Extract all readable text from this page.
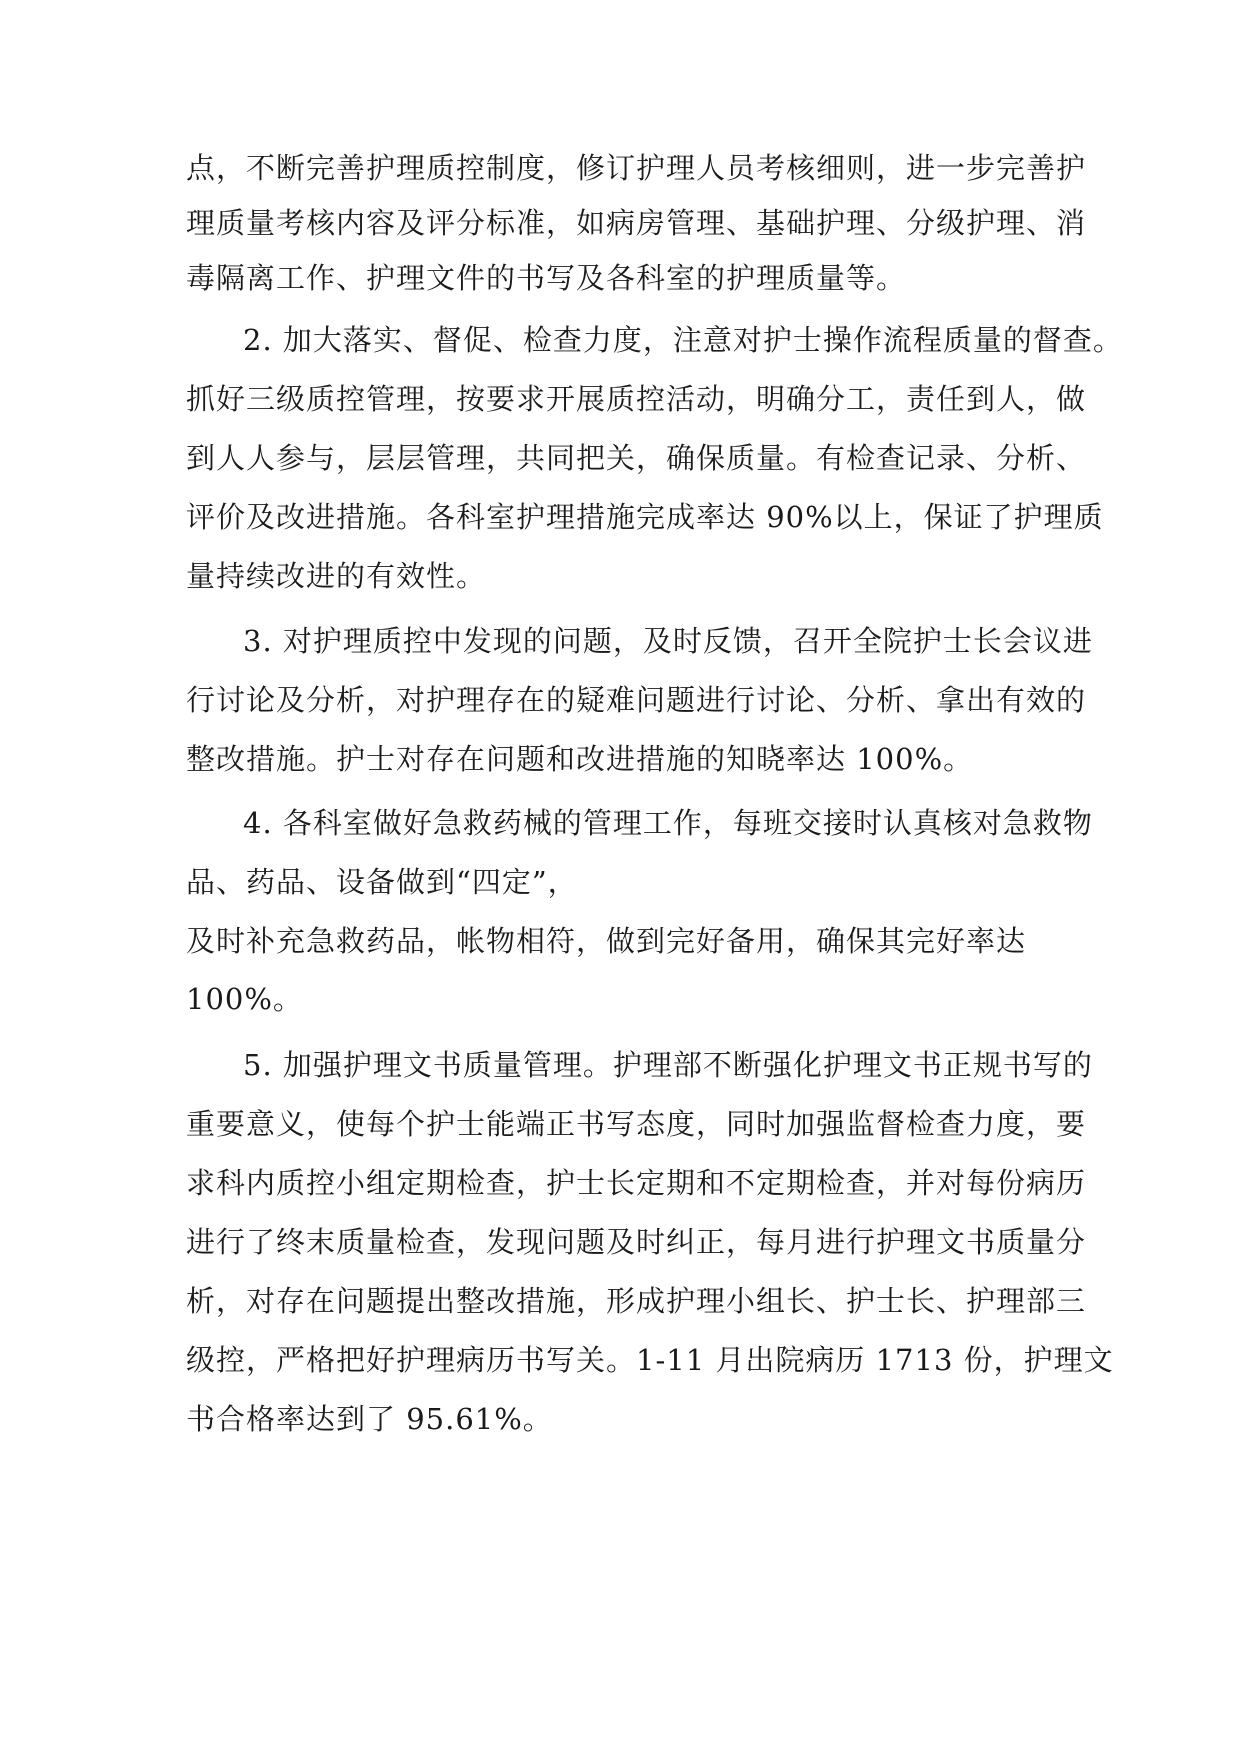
点，不断完善护理质控制度，修订护理人员考核细则，进一步完善护
理质量考核内容及评分标准，如病房管理、基础护理、分级护理、消
毒隔离工作、护理文件的书写及各科室的护理质量等。
2. 加大落实、督促、检查力度，注意对护士操作流程质量的督查。
抓好三级质控管理，按要求开展质控活动，明确分工，责任到人，做
到人人参与，层层管理，共同把关，确保质量。有检查记录、分析、
评价及改进措施。各科室护理措施完成率达 90%以上，保证了护理质
量持续改进的有效性。
3. 对护理质控中发现的问题，及时反馈，召开全院护士长会议进
行讨论及分析，对护理存在的疑难问题进行讨论、分析、拿出有效的
整改措施。护士对存在问题和改进措施的知晓率达 100%。
4. 各科室做好急救药械的管理工作，每班交接时认真核对急救物
品、药品、设备做到“四定”，
及时补充急救药品，帐物相符，做到完好备用，确保其完好率达
100%。
5. 加强护理文书质量管理。护理部不断强化护理文书正规书写的
重要意义，使每个护士能端正书写态度，同时加强监督检查力度，要
求科内质控小组定期检查，护士长定期和不定期检查，并对每份病历
进行了终末质量检查，发现问题及时纠正，每月进行护理文书质量分
析，对存在问题提出整改措施，形成护理小组长、护士长、护理部三
级控，严格把好护理病历书写关。1-11 月出院病历 1713 份，护理文
书合格率达到了 95.61%。
